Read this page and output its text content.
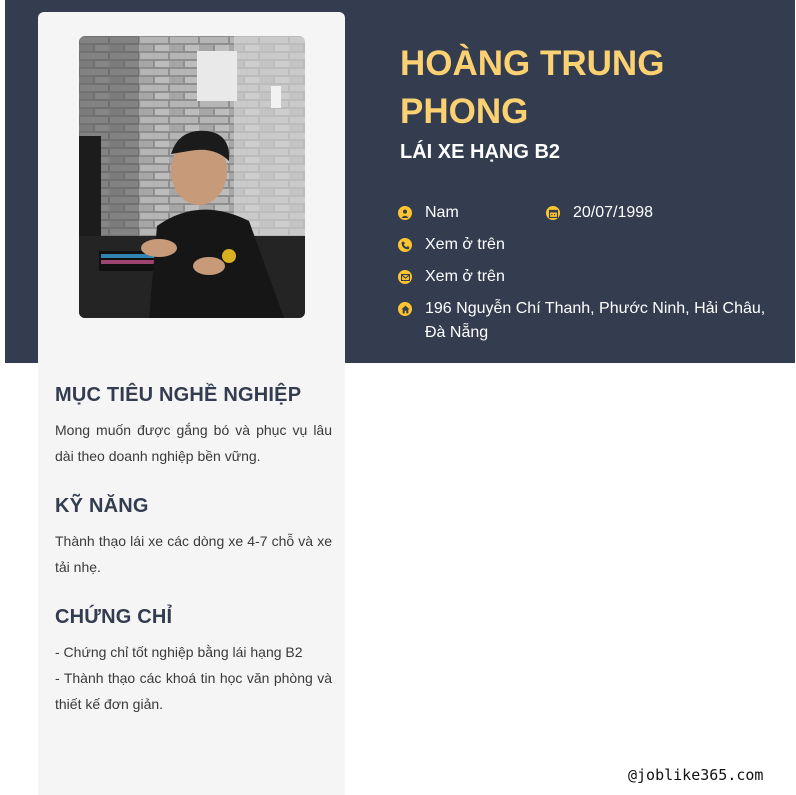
MỤC TIÊU NGHỀ NGHIỆP

Mong muốn được gắng bó và phục vụ lâu dài theo doanh nghiệp bền vững.

KỸ NĂNG

Thành thạo lái xe các dòng xe 4-7 chỗ và xe tải nhẹ.

CHỨNG CHỈ

- Chứng chỉ tốt nghiệp bằng lái hạng B2
- Thành thạo các khoá tin học văn phòng và thiết kế đơn giản.

HOÀNG TRUNG PHONG
LÁI XE HẠNG B2
Nam	20/07/1998
Xem ở trên
Xem ở trên
196 Nguyễn Chí Thanh, Phước Ninh, Hải Châu, Đà Nẵng
@joblike365.com
